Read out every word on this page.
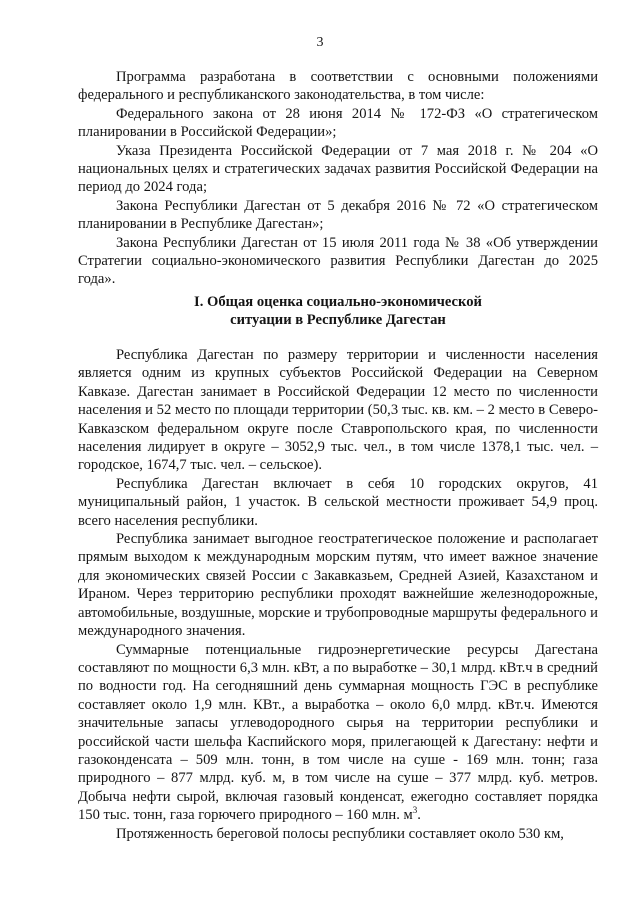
3

Программа разработана в соответствии с основными положениями федерального и республиканского законодательства, в том числе:

Федерального закона от 28 июня 2014 № 172-ФЗ «О стратегическом планировании в Российской Федерации»;

Указа Президента Российской Федерации от 7 мая 2018 г. № 204 «О национальных целях и стратегических задачах развития Российской Федерации на период до 2024 года;

Закона Республики Дагестан от 5 декабря 2016 № 72 «О стратегическом планировании в Республике Дагестан»;

Закона Республики Дагестан от 15 июля 2011 года № 38 «Об утверждении Стратегии социально-экономического развития Республики Дагестан до 2025 года».

I. Общая оценка социально-экономической
ситуации в Республике Дагестан

Республика Дагестан по размеру территории и численности населения является одним из крупных субъектов Российской Федерации на Северном Кавказе. Дагестан занимает в Российской Федерации 12 место по численности населения и 52 место по площади территории (50,3 тыс. кв. км. – 2 место в Северо-Кавказском федеральном округе после Ставропольского края, по численности населения лидирует в округе – 3052,9 тыс. чел., в том числе 1378,1 тыс. чел. – городское, 1674,7 тыс. чел. – сельское).

Республика Дагестан включает в себя 10 городских округов, 41 муниципальный район, 1 участок. В сельской местности проживает 54,9 проц. всего населения республики.

Республика занимает выгодное геостратегическое положение и располагает прямым выходом к международным морским путям, что имеет важное значение для экономических связей России с Закавказьем, Средней Азией, Казахстаном и Ираном. Через территорию республики проходят важнейшие железнодорожные, автомобильные, воздушные, морские и трубопроводные маршруты федерального и международного значения.

Суммарные потенциальные гидроэнергетические ресурсы Дагестана составляют по мощности 6,3 млн. кВт, а по выработке – 30,1 млрд. кВт.ч в средний по водности год. На сегодняшний день суммарная мощность ГЭС в республике составляет около 1,9 млн. КВт., а выработка – около 6,0 млрд. кВт.ч. Имеются значительные запасы углеводородного сырья на территории республики и российской части шельфа Каспийского моря, прилегающей к Дагестану: нефти и газоконденсата – 509 млн. тонн, в том числе на суше - 169 млн. тонн; газа природного – 877 млрд. куб. м, в том числе на суше – 377 млрд. куб. метров. Добыча нефти сырой, включая газовый конденсат, ежегодно составляет порядка 150 тыс. тонн, газа горючего природного – 160 млн. $м^3$.

Протяженность береговой полосы республики составляет около 530 км,
